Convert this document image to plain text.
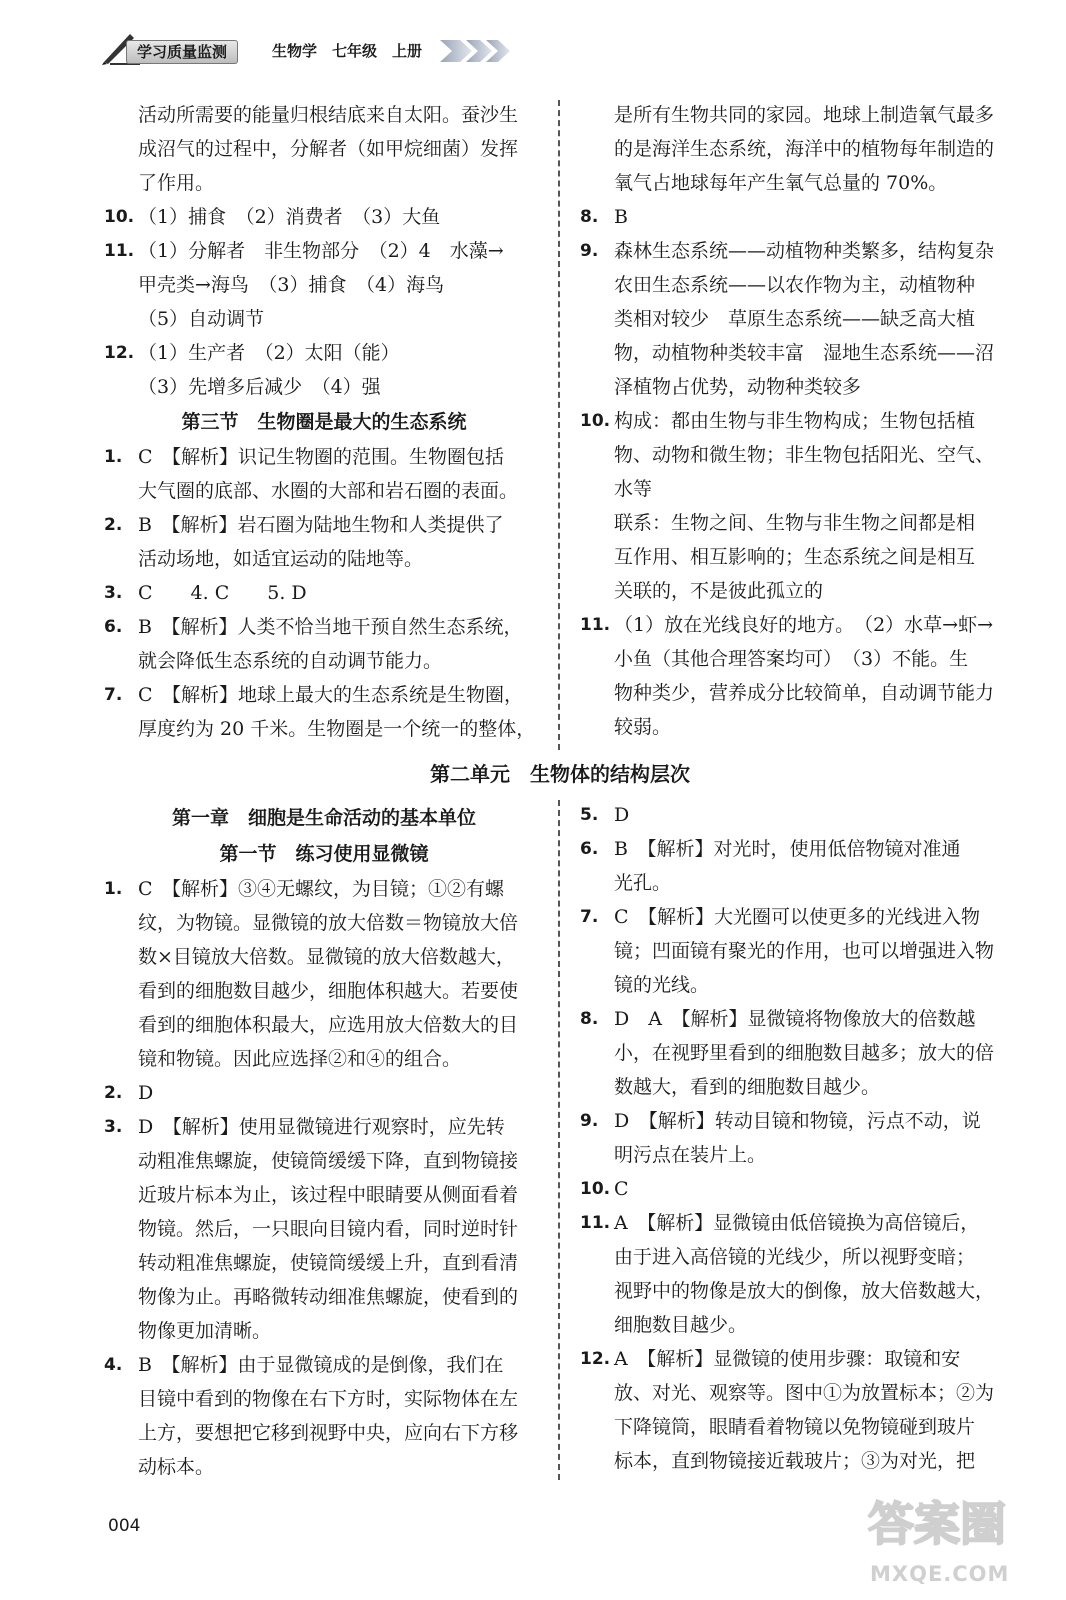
学习质量监测	生物学　七年级　上册
活动所需要的能量归根结底来自太阳。蚕沙生
成沼气的过程中，分解者（如甲烷细菌）发挥
了作用。
10. （1）捕食　（2）消费者　（3）大鱼
11. （1）分解者　非生物部分　（2）4　水藻→
甲壳类→海鸟　（3）捕食　（4）海鸟
（5）自动调节
12. （1）生产者　（2）太阳（能）
（3）先增多后减少　（4）强
第三节　生物圈是最大的生态系统
1. C　【解析】识记生物圈的范围。生物圈包括
大气圈的底部、水圈的大部和岩石圈的表面。
2. B　【解析】岩石圈为陆地生物和人类提供了
活动场地，如适宜运动的陆地等。
3. C　　4. C　　5. D
6. B　【解析】人类不恰当地干预自然生态系统，
就会降低生态系统的自动调节能力。
7. C　【解析】地球上最大的生态系统是生物圈，
厚度约为 20 千米。生物圈是一个统一的整体，
是所有生物共同的家园。地球上制造氧气最多
的是海洋生态系统，海洋中的植物每年制造的
氧气占地球每年产生氧气总量的 70%。
8. B
9. 森林生态系统——动植物种类繁多，结构复杂
农田生态系统——以农作物为主，动植物种
类相对较少　草原生态系统——缺乏高大植
物，动植物种类较丰富　湿地生态系统——沼
泽植物占优势，动物种类较多
10. 构成：都由生物与非生物构成；生物包括植
物、动物和微生物；非生物包括阳光、空气、
水等
联系：生物之间、生物与非生物之间都是相
互作用、相互影响的；生态系统之间是相互
关联的，不是彼此孤立的
11. （1）放在光线良好的地方。　（2）水草→虾→
小鱼（其他合理答案均可）　（3）不能。生
物种类少，营养成分比较简单，自动调节能力
较弱。
第二单元　生物体的结构层次
第一章　细胞是生命活动的基本单位
第一节　练习使用显微镜
1. C　【解析】③④无螺纹，为目镜；①②有螺
纹，为物镜。显微镜的放大倍数＝物镜放大倍
数×目镜放大倍数。显微镜的放大倍数越大，
看到的细胞数目越少，细胞体积越大。若要使
看到的细胞体积最大，应选用放大倍数大的目
镜和物镜。因此应选择②和④的组合。
2. D
3. D　【解析】使用显微镜进行观察时，应先转
动粗准焦螺旋，使镜筒缓缓下降，直到物镜接
近玻片标本为止，该过程中眼睛要从侧面看着
物镜。然后，一只眼向目镜内看，同时逆时针
转动粗准焦螺旋，使镜筒缓缓上升，直到看清
物像为止。再略微转动细准焦螺旋，使看到的
物像更加清晰。
4. B　【解析】由于显微镜成的是倒像，我们在
目镜中看到的物像在右下方时，实际物体在左
上方，要想把它移到视野中央，应向右下方移
动标本。
5. D
6. B　【解析】对光时，使用低倍物镜对准通
光孔。
7. C　【解析】大光圈可以使更多的光线进入物
镜；凹面镜有聚光的作用，也可以增强进入物
镜的光线。
8. D　A　【解析】显微镜将物像放大的倍数越
小，在视野里看到的细胞数目越多；放大的倍
数越大，看到的细胞数目越少。
9. D　【解析】转动目镜和物镜，污点不动，说
明污点在装片上。
10. C
11. A　【解析】显微镜由低倍镜换为高倍镜后，
由于进入高倍镜的光线少，所以视野变暗；
视野中的物像是放大的倒像，放大倍数越大，
细胞数目越少。
12. A　【解析】显微镜的使用步骤：取镜和安
放、对光、观察等。图中①为放置标本；②为
下降镜筒，眼睛看着物镜以免物镜碰到玻片
标本，直到物镜接近载玻片；③为对光，把
004	答案圈
MXQE.COM
